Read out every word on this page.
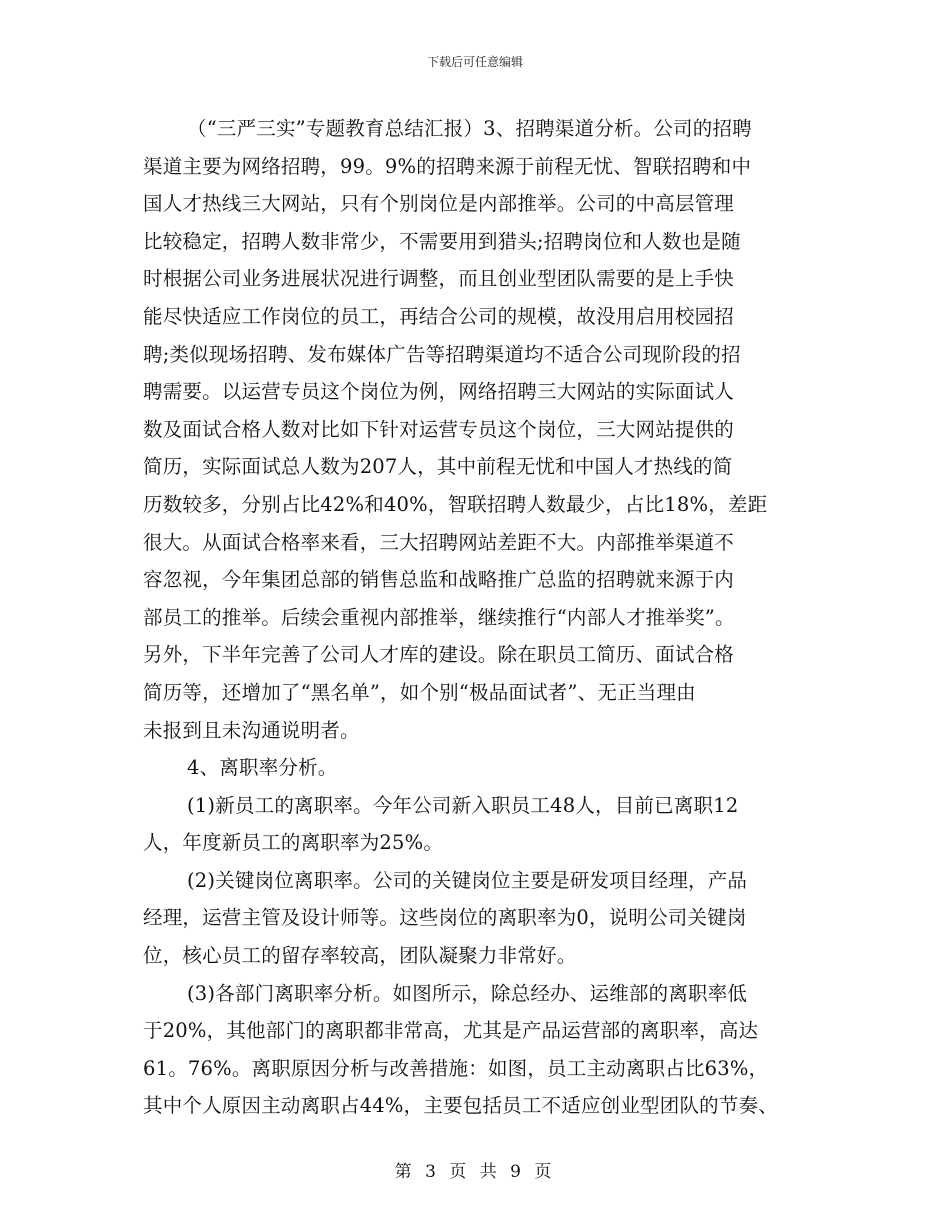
下载后可任意编辑
（“三严三实”专题教育总结汇报）3、招聘渠道分析。公司的招聘
渠道主要为网络招聘，99。9%的招聘来源于前程无忧、智联招聘和中
国人才热线三大网站，只有个别岗位是内部推举。公司的中高层管理
比较稳定，招聘人数非常少，不需要用到猎头;招聘岗位和人数也是随
时根据公司业务进展状况进行调整，而且创业型团队需要的是上手快
能尽快适应工作岗位的员工，再结合公司的规模，故没用启用校园招
聘;类似现场招聘、发布媒体广告等招聘渠道均不适合公司现阶段的招
聘需要。以运营专员这个岗位为例，网络招聘三大网站的实际面试人
数及面试合格人数对比如下针对运营专员这个岗位，三大网站提供的
简历，实际面试总人数为207人，其中前程无忧和中国人才热线的简
历数较多，分别占比42%和40%，智联招聘人数最少，占比18%，差距
很大。从面试合格率来看，三大招聘网站差距不大。内部推举渠道不
容忽视，今年集团总部的销售总监和战略推广总监的招聘就来源于内
部员工的推举。后续会重视内部推举，继续推行“内部人才推举奖”。
另外，下半年完善了公司人才库的建设。除在职员工简历、面试合格
简历等，还增加了“黑名单”，如个别“极品面试者”、无正当理由
未报到且未沟通说明者。
4、离职率分析。
(1)新员工的离职率。今年公司新入职员工48人，目前已离职12
人，年度新员工的离职率为25%。
(2)关键岗位离职率。公司的关键岗位主要是研发项目经理，产品
经理，运营主管及设计师等。这些岗位的离职率为0，说明公司关键岗
位，核心员工的留存率较高，团队凝聚力非常好。
(3)各部门离职率分析。如图所示，除总经办、运维部的离职率低
于20%，其他部门的离职都非常高，尤其是产品运营部的离职率，高达
61。76%。离职原因分析与改善措施：如图，员工主动离职占比63%，
其中个人原因主动离职占44%，主要包括员工不适应创业型团队的节奏、
第 3 页 共 9 页
